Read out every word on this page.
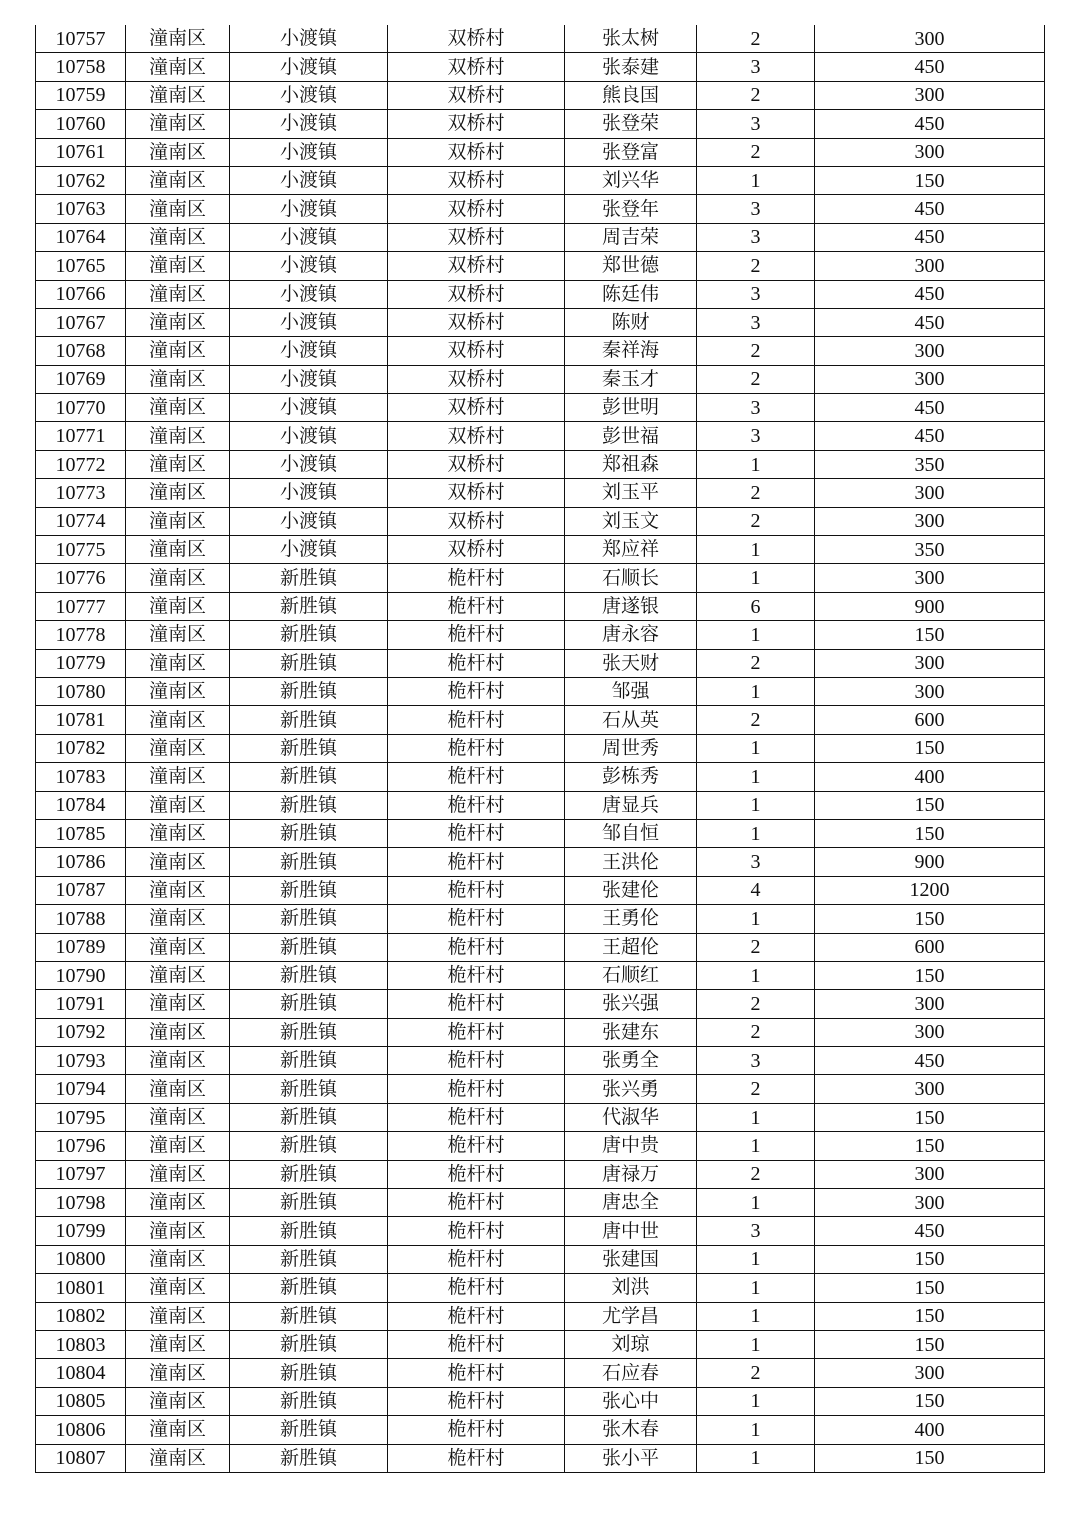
10757	潼南区	小渡镇	双桥村	张太树	2	300
10758	潼南区	小渡镇	双桥村	张泰建	3	450
10759	潼南区	小渡镇	双桥村	熊良国	2	300
10760	潼南区	小渡镇	双桥村	张登荣	3	450
10761	潼南区	小渡镇	双桥村	张登富	2	300
10762	潼南区	小渡镇	双桥村	刘兴华	1	150
10763	潼南区	小渡镇	双桥村	张登年	3	450
10764	潼南区	小渡镇	双桥村	周吉荣	3	450
10765	潼南区	小渡镇	双桥村	郑世德	2	300
10766	潼南区	小渡镇	双桥村	陈廷伟	3	450
10767	潼南区	小渡镇	双桥村	陈财	3	450
10768	潼南区	小渡镇	双桥村	秦祥海	2	300
10769	潼南区	小渡镇	双桥村	秦玉才	2	300
10770	潼南区	小渡镇	双桥村	彭世明	3	450
10771	潼南区	小渡镇	双桥村	彭世福	3	450
10772	潼南区	小渡镇	双桥村	郑祖森	1	350
10773	潼南区	小渡镇	双桥村	刘玉平	2	300
10774	潼南区	小渡镇	双桥村	刘玉文	2	300
10775	潼南区	小渡镇	双桥村	郑应祥	1	350
10776	潼南区	新胜镇	桅杆村	石顺长	1	300
10777	潼南区	新胜镇	桅杆村	唐遂银	6	900
10778	潼南区	新胜镇	桅杆村	唐永容	1	150
10779	潼南区	新胜镇	桅杆村	张天财	2	300
10780	潼南区	新胜镇	桅杆村	邹强	1	300
10781	潼南区	新胜镇	桅杆村	石从英	2	600
10782	潼南区	新胜镇	桅杆村	周世秀	1	150
10783	潼南区	新胜镇	桅杆村	彭栋秀	1	400
10784	潼南区	新胜镇	桅杆村	唐显兵	1	150
10785	潼南区	新胜镇	桅杆村	邹自恒	1	150
10786	潼南区	新胜镇	桅杆村	王洪伦	3	900
10787	潼南区	新胜镇	桅杆村	张建伦	4	1200
10788	潼南区	新胜镇	桅杆村	王勇伦	1	150
10789	潼南区	新胜镇	桅杆村	王超伦	2	600
10790	潼南区	新胜镇	桅杆村	石顺红	1	150
10791	潼南区	新胜镇	桅杆村	张兴强	2	300
10792	潼南区	新胜镇	桅杆村	张建东	2	300
10793	潼南区	新胜镇	桅杆村	张勇全	3	450
10794	潼南区	新胜镇	桅杆村	张兴勇	2	300
10795	潼南区	新胜镇	桅杆村	代淑华	1	150
10796	潼南区	新胜镇	桅杆村	唐中贵	1	150
10797	潼南区	新胜镇	桅杆村	唐禄万	2	300
10798	潼南区	新胜镇	桅杆村	唐忠全	1	300
10799	潼南区	新胜镇	桅杆村	唐中世	3	450
10800	潼南区	新胜镇	桅杆村	张建国	1	150
10801	潼南区	新胜镇	桅杆村	刘洪	1	150
10802	潼南区	新胜镇	桅杆村	尤学昌	1	150
10803	潼南区	新胜镇	桅杆村	刘琼	1	150
10804	潼南区	新胜镇	桅杆村	石应春	2	300
10805	潼南区	新胜镇	桅杆村	张心中	1	150
10806	潼南区	新胜镇	桅杆村	张木春	1	400
10807	潼南区	新胜镇	桅杆村	张小平	1	150
